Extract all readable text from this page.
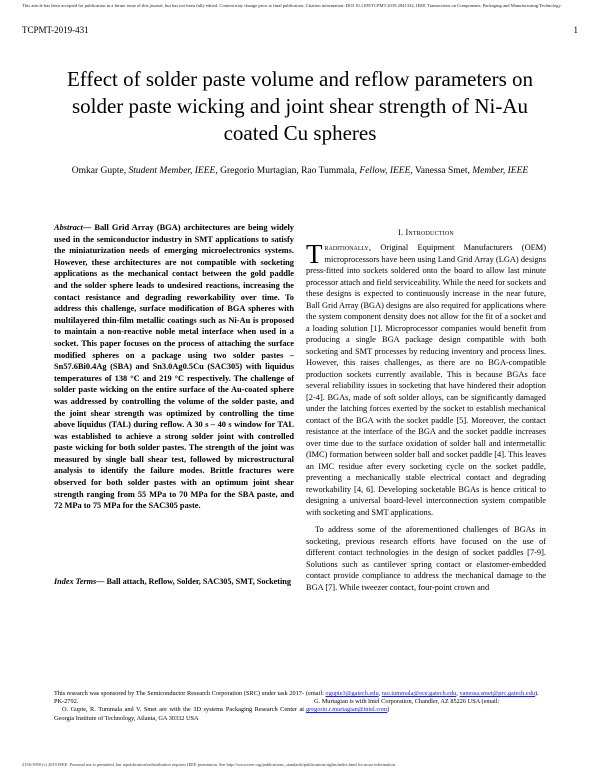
This article has been accepted for publication in a future issue of this journal, but has not been fully edited. Content may change prior to final publication. Citation information: DOI 10.1109/TCPMT.2019.2941332, IEEE Transactions on Components, Packaging and Manufacturing Technology
TCPMT-2019-431	1
Effect of solder paste volume and reflow parameters on solder paste wicking and joint shear strength of Ni-Au coated Cu spheres
Omkar Gupte, Student Member, IEEE, Gregorio Murtagian, Rao Tummala, Fellow, IEEE, Vanessa Smet, Member, IEEE
Abstract— Ball Grid Array (BGA) architectures are being widely used in the semiconductor industry in SMT applications to satisfy the miniaturization needs of emerging microelectronics systems. However, these architectures are not compatible with socketing applications as the mechanical contact between the gold paddle and the solder sphere leads to undesired reactions, increasing the contact resistance and degrading reworkability over time. To address this challenge, surface modification of BGA spheres with multilayered thin-film metallic coatings such as Ni-Au is proposed to maintain a non-reactive noble metal interface when used in a socket. This paper focuses on the process of attaching the surface modified spheres on a package using two solder pastes – Sn57.6Bi0.4Ag (SBA) and Sn3.0Ag0.5Cu (SAC305) with liquidus temperatures of 138 °C and 219 °C respectively. The challenge of solder paste wicking on the entire surface of the Au-coated sphere was addressed by controlling the volume of the solder paste, and the joint shear strength was optimized by controlling the time above liquidus (TAL) during reflow. A 30 s – 40 s window for TAL was established to achieve a strong solder joint with controlled paste wicking for both solder pastes. The strength of the joint was measured by single ball shear test, followed by microstructural analysis to identify the failure modes. Brittle fractures were observed for both solder pastes with an optimum joint shear strength ranging from 55 MPa to 70 MPa for the SBA paste, and 72 MPa to 75 MPa for the SAC305 paste.
Index Terms— Ball attach, Reflow, Solder, SAC305, SMT, Socketing
I. Introduction

Traditionally, Original Equipment Manufacturers (OEM) microprocessors have been using Land Grid Array (LGA) designs press-fitted into sockets soldered onto the board to allow last minute processor attach and field serviceability. While the need for sockets and these designs is expected to continuously increase in the near future, Ball Grid Array (BGA) designs are also required for applications where the system component density does not allow for the fit of a socket and a loading solution [1]. Microprocessor companies would benefit from producing a single BGA package design compatible with both socketing and SMT processes by reducing inventory and process lines. However, this raises challenges, as there are no BGA-compatible production sockets currently available. This is because BGAs face several reliability issues in socketing that have hindered their adoption [2-4]. BGAs, made of soft solder alloys, can be significantly damaged under the latching forces exerted by the socket to establish mechanical contact of the BGA with the socket paddle [5]. Moreover, the contact resistance at the interface of the BGA and the socket paddle increases over time due to the surface oxidation of solder ball and intermetallic (IMC) formation between solder ball and socket paddle [4]. This leaves an IMC residue after every socketing cycle on the socket paddle, preventing a mechanically stable electrical contact and degrading reworkability [4, 6]. Developing socketable BGAs is hence critical to designing a universal board-level interconnection system compatible with socketing and SMT applications.

To address some of the aforementioned challenges of BGAs in socketing, previous research efforts have focused on the use of different contact technologies in the design of socket paddles [7-9]. Solutions such as cantilever spring contact or elastomer-embedded contact provide compliance to address the mechanical damage to the BGA [7]. While tweezer contact, four-point crown and

This research was sponsored by The Semiconductor Research Corporation (SRC) under task 2017-PK-2792.

O. Gupte, R. Tummala and V. Smet are with the 3D systems Packaging Research Center at Georgia Institute of Technology, Atlanta, GA 30332 USA

(email: ogupte3@gatech.edu, rao.tummala@ece.gatech.edu, vanessa.smet@prc.gatech.edu).

G. Murtagian is with Intel Corporation, Chandler, AZ 85226 USA (email: gregorio.r.murtagian@intel.com)

2156-3950 (c) 2019 IEEE. Personal use is permitted, but republication/redistribution requires IEEE permission. See http://www.ieee.org/publications_standards/publications/rights/index.html for more information.
